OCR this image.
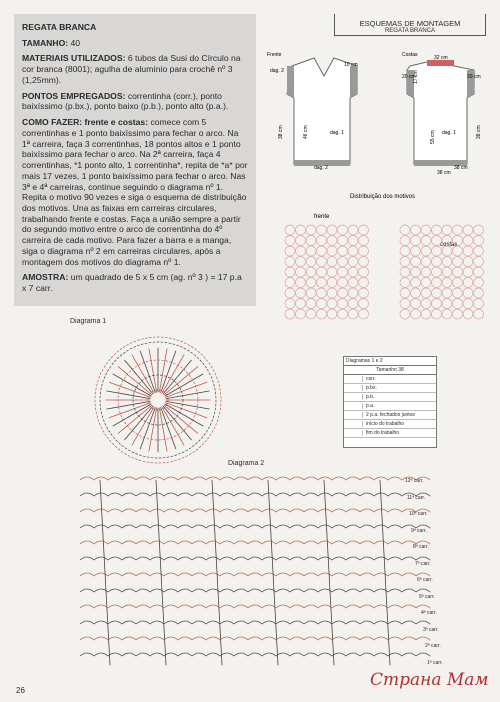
REGATA BRANCA

TAMANHO: 40

MATERIAIS UTILIZADOS: 6 tubos da Susi do Círculo na cor branca (8001); agulha de alumínio para crochê nº 3 (1,25mm).

PONTOS EMPREGADOS: correntinha (corr.), ponto baixíssimo (p.bx.), ponto baixo (p.b.), ponto alto (p.a.).

COMO FAZER: frente e costas: comece com 5 correntinhas e 1 ponto baixíssimo para fechar o arco. Na 1ª carreira, faça 3 correntinhas, 18 pontos altos e 1 ponto baixíssimo para fechar o arco. Na 2ª carreira, faça 4 correntinhas, *1 ponto alto, 1 correntinha*, repita de *a* por mais 17 vezes, 1 ponto baixíssimo para fechar o arco. Nas 3ª e 4ª carreiras, continue seguindo o diagrama nº 1. Repita o motivo 90 vezes e siga o esquema de distribuição dos motivos. Una as faixas em carreiras circulares, trabalhando frente e costas. Faça a união sempre a partir do segundo motivo entre o arco de correntinha do 4º carreira de cada motivo. Para fazer a barra e a manga, siga o diagrama nº 2 em carreiras circulares, após a montagem dos motivos do diagrama nº 1.

AMOSTRA: um quadrado de 5 x 5 cm (ag. nº 3 ) = 17 p.a x 7 carr.

ESQUEMAS DE MONTAGEM
REGATA BRANCA
Frente	Costas
dag. 2
10 cm
dag. 1
dag. 2
32 cm
20 cm	20 cm
dag. 1
38 cm
38 cm	46 cm	55 cm	38 cm
17 cm
38 cm
Distribuição dos motivos
frente
costas
Diagrama 1
Diagramas 1 e 2
Tamanho 38
corr.
p.bx.
p.b.
p.a.
2 p.a. fechados juntos
início do trabalho
fim do trabalho
Diagrama 2
12ª carr.
11ª carr.
10ª carr.
9ª carr.
8ª carr.
7ª carr.
6ª carr.
5ª carr.
4ª carr.
3ª carr.
2ª carr.
1ª carr.
26
Страна Мам
